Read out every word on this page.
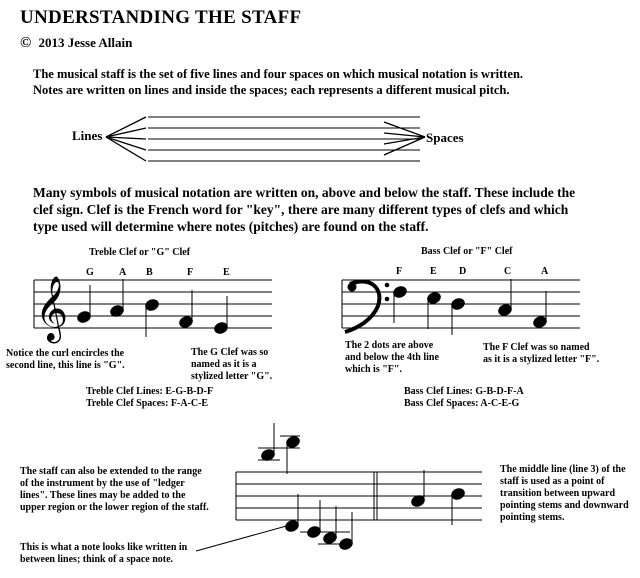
𝄞
UNDERSTANDING THE STAFF
© 2013 Jesse Allain
The musical staff is the set of five lines and four spaces on which musical notation is written.
Notes are written on lines and inside the spaces; each represents a different musical pitch.
Lines	Spaces
Many symbols of musical notation are written on, above and below the staff. These include the
clef sign. Clef is the French word for "key", there are many different types of clefs and which
type used will determine where notes (pitches) are found on the staff.
Treble Clef or "G" Clef
G	A B	F	E
Notice the curl encircles the
second line, this line is "G".
The G Clef was so
named as it is a
stylized letter "G".
Treble Clef Lines: E-G-B-D-F
Treble Clef Spaces: F-A-C-E
Bass Clef or "F" Clef
F	E D	C	A
The 2 dots are above
and below the 4th line
which is "F".
The F Clef was so named
as it is a stylized letter "F".
Bass Clef Lines: G-B-D-F-A
Bass Clef Spaces: A-C-E-G
The staff can also be extended to the range
of the instrument by the use of "ledger
lines". These lines may be added to the
upper region or the lower region of the staff.
This is what a note looks like written in
between lines; think of a space note.
The middle line (line 3) of the
staff is used as a point of
transition between upward
pointing stems and downward
pointing stems.
